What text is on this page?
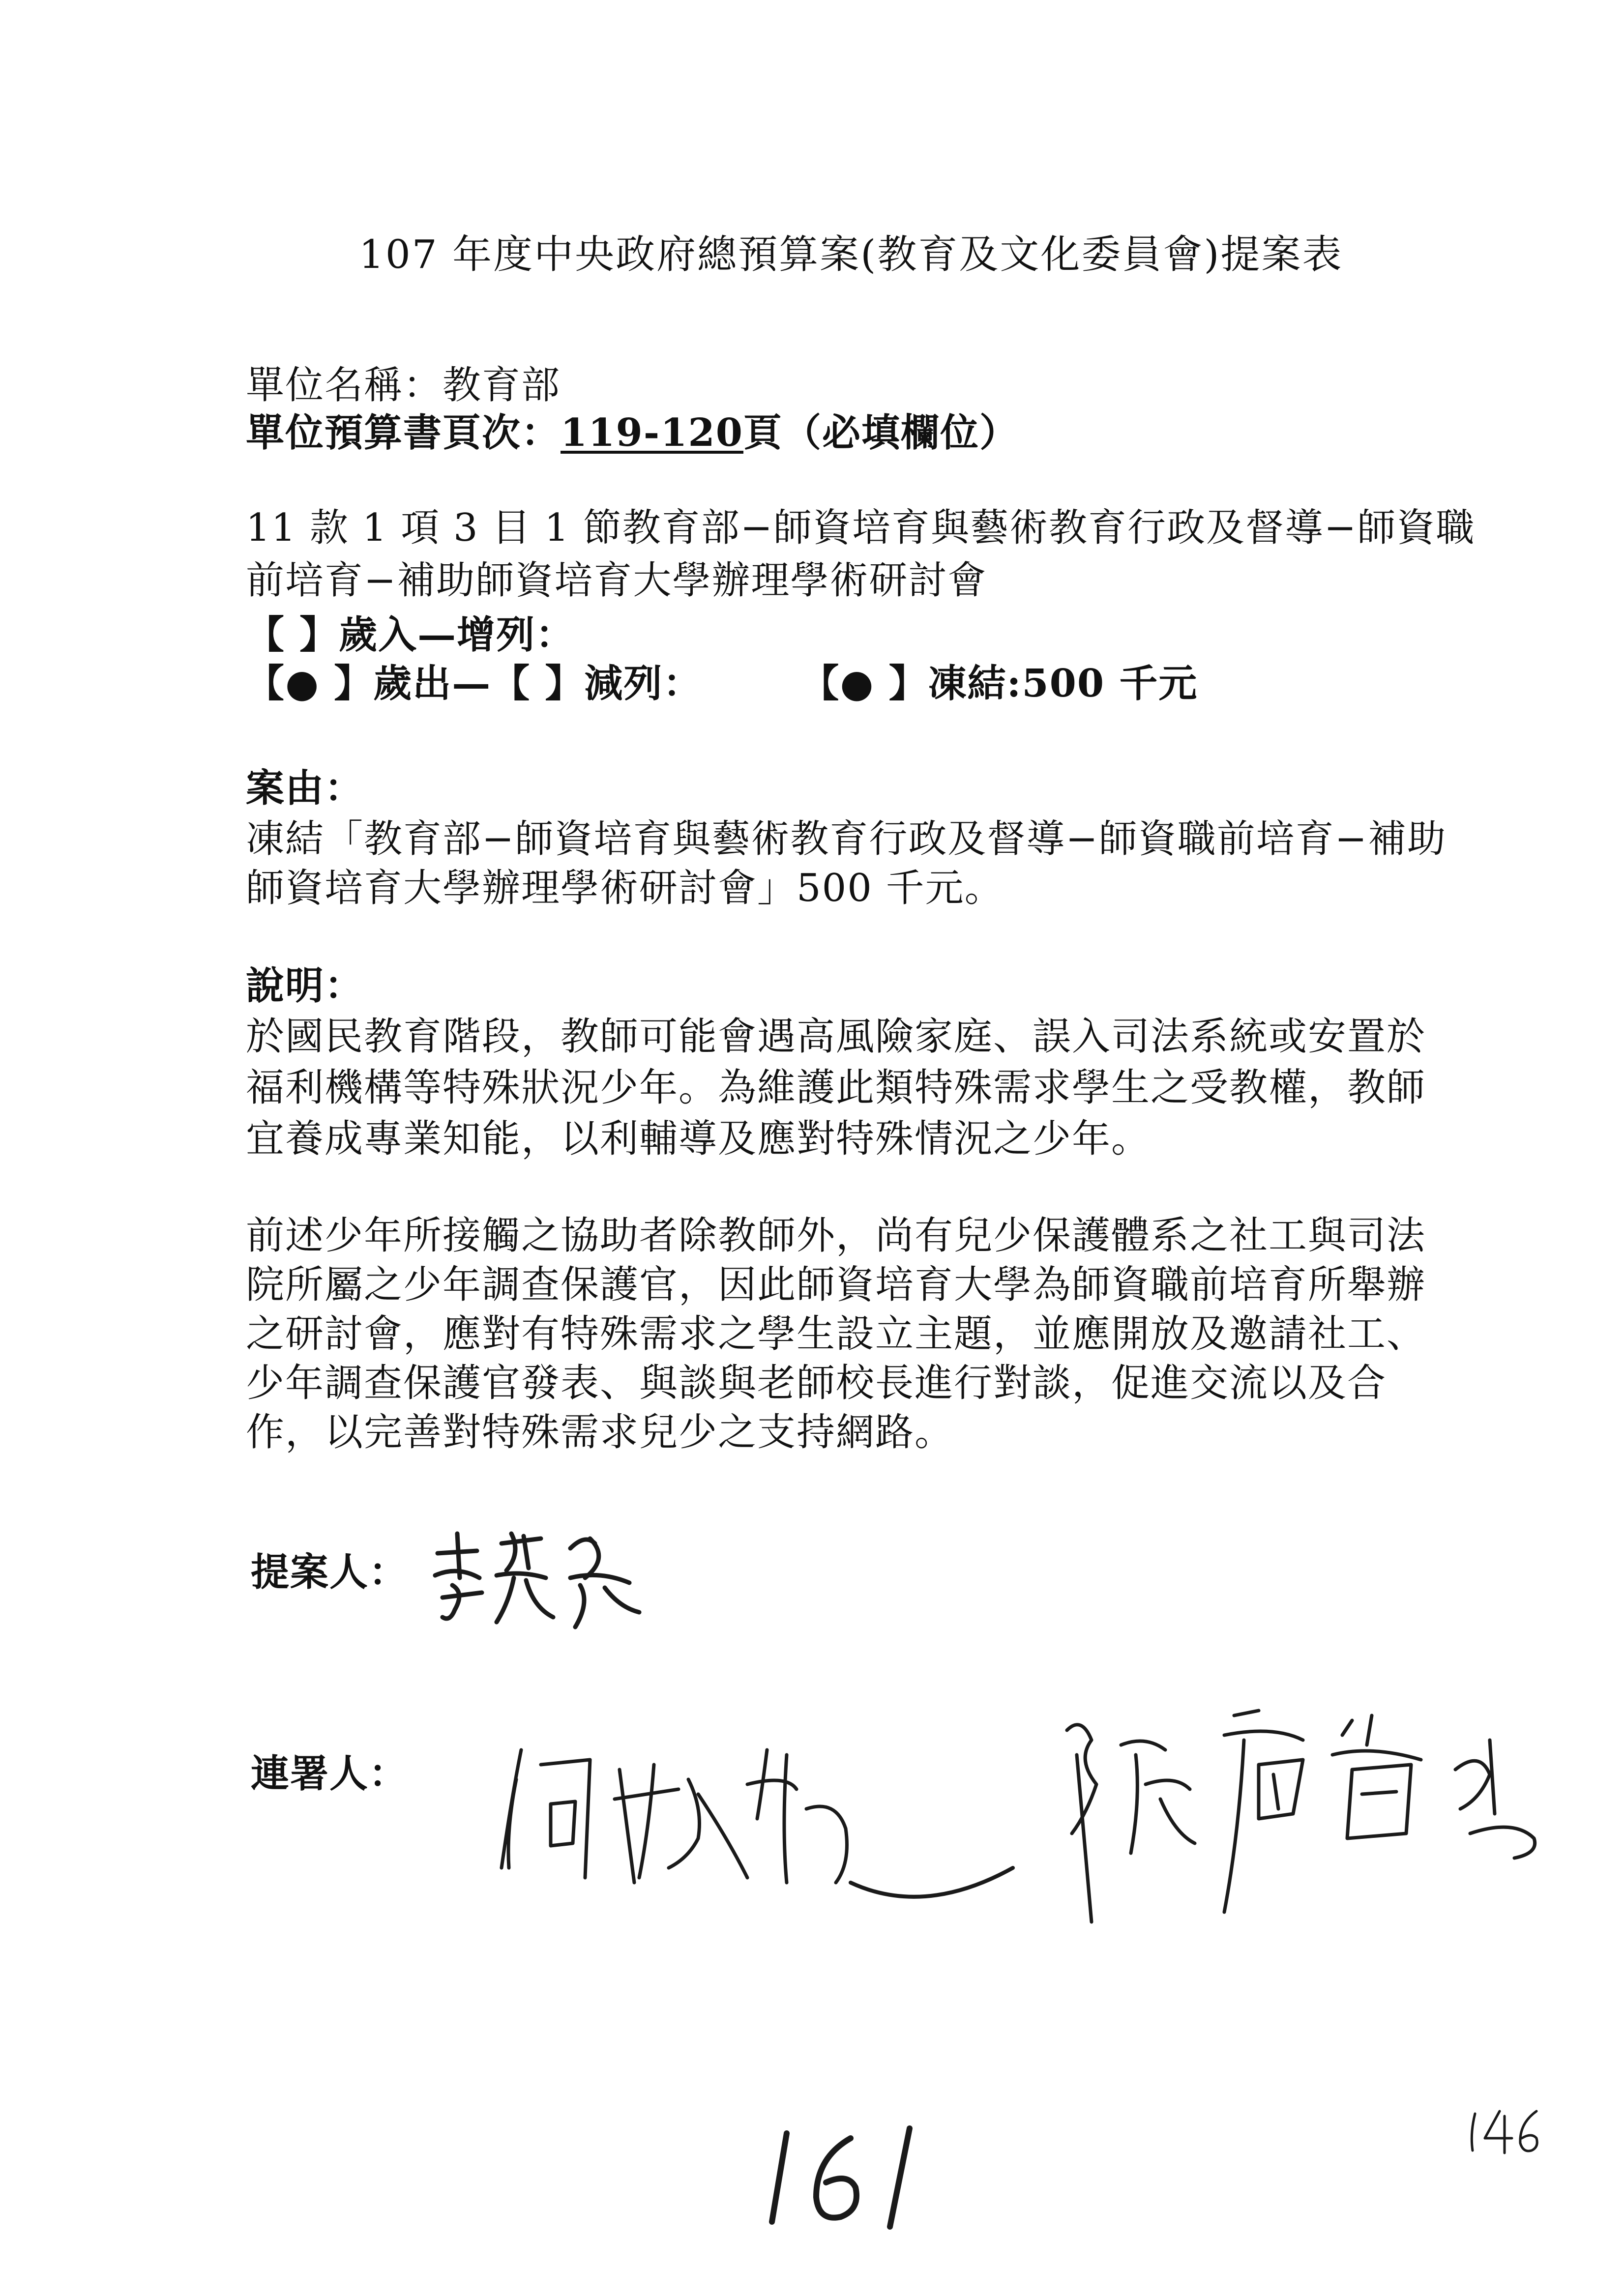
107 年度中央政府總預算案(教育及文化委員會)提案表
單位名稱：教育部
單位預算書頁次：119-120頁（必填欄位）
11 款 1 項 3 目 1 節教育部−師資培育與藝術教育行政及督導−師資職
前培育−補助師資培育大學辦理學術研討會
【 】歲入—增列：
【● 】歲出—【 】減列：	【● 】凍結:500 千元
案由：
凍結「教育部−師資培育與藝術教育行政及督導−師資職前培育−補助
師資培育大學辦理學術研討會」500 千元。
說明：
於國民教育階段，教師可能會遇高風險家庭、誤入司法系統或安置於
福利機構等特殊狀況少年。為維護此類特殊需求學生之受教權，教師
宜養成專業知能，以利輔導及應對特殊情況之少年。
前述少年所接觸之協助者除教師外，尚有兒少保護體系之社工與司法
院所屬之少年調查保護官，因此師資培育大學為師資職前培育所舉辦
之研討會，應對有特殊需求之學生設立主題，並應開放及邀請社工、
少年調查保護官發表、與談與老師校長進行對談，促進交流以及合
作，以完善對特殊需求兒少之支持網路。
提案人：
連署人：
